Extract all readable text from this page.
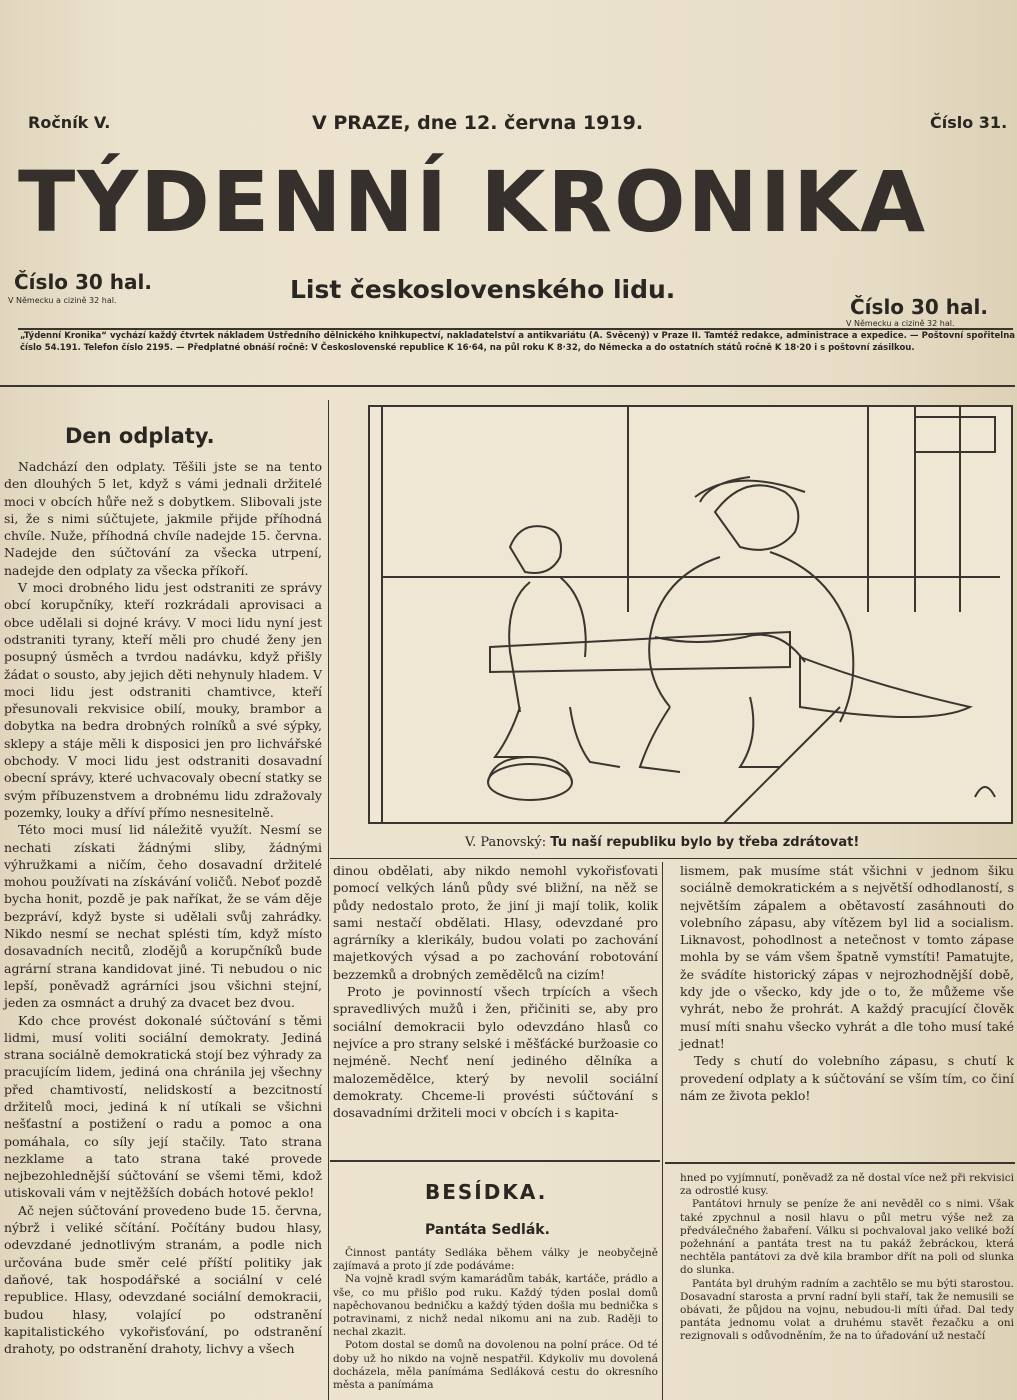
Ročník V.	V PRAZE, dne 12. června 1919.	Číslo 31.
TÝDENNÍ KRONIKA
Číslo 30 hal.
V Německu a cizině 32 hal.	List československého lidu.
Číslo 30 hal.
V Německu a cizině 32 hal.
„Týdenní Kronika“ vychází každý čtvrtek nákladem Ústředního dělnického knihkupectví, nakladatelství a antikvariátu (A. Svěcený) v Praze II. Tamtéž redakce, administrace a expedice. — Poštovní spořitelna číslo 54.191. Telefon číslo 2195. — Předplatné obnáší ročně: V Československé republice K 16·64, na půl roku K 8·32, do Německa a do ostatních států ročně K 18·20 i s poštovní zásilkou.
Den odplaty.

Nadchází den odplaty. Těšili jste se na tento den dlouhých 5 let, když s vámi jednali držitelé moci v obcích hůře než s dobytkem. Slibovali jste si, že s nimi súčtujete, jakmile přijde příhodná chvíle. Nuže, příhodná chvíle nadejde 15. června. Nadejde den súčtování za všecka utrpení, nadejde den odplaty za všecka příkoří.

V moci drobného lidu jest odstraniti ze správy obcí korupčníky, kteří rozkrádali aprovisaci a obce udělali si dojné krávy. V moci lidu nyní jest odstraniti tyrany, kteří měli pro chudé ženy jen posupný úsměch a tvrdou nadávku, když přišly žádat o sousto, aby jejich děti nehynuly hladem. V moci lidu jest odstraniti chamtivce, kteří přesunovali rekvisice obilí, mouky, brambor a dobytka na bedra drobných rolníků a své sýpky, sklepy a stáje měli k disposici jen pro lichvářské obchody. V moci lidu jest odstraniti dosavadní obecní správy, které uchvacovaly obecní statky se svým příbuzenstvem a drobnému lidu zdražovaly pozemky, louky a dříví přímo nesnesitelně.

Této moci musí lid náležitě využít. Nesmí se nechati získati žádnými sliby, žádnými výhružkami a ničím, čeho dosavadní držitelé mohou používati na získávání voličů. Neboť pozdě bycha honit, pozdě je pak naříkat, že se vám děje bezpráví, když byste si udělali svůj zahrádky. Nikdo nesmí se nechat splésti tím, když místo dosavadních necitů, zlodějů a korupčníků bude agrární strana kandidovat jiné. Ti nebudou o nic lepší, poněvadž agrárníci jsou všichni stejní, jeden za osmnáct a druhý za dvacet bez dvou.

Kdo chce provést dokonalé súčtování s těmi lidmi, musí voliti sociální demokraty. Jediná strana sociálně demokratická stojí bez výhrady za pracujícím lidem, jediná ona chránila jej všechny před chamtivostí, nelidskostí a bezcitností držitelů moci, jediná k ní utíkali se všichni nešťastní a postižení o radu a pomoc a ona pomáhala, co síly její stačily. Tato strana nezklame a tato strana také provede nejbezohlednější súčtování se všemi těmi, kdož utiskovali vám v nejtěžších dobách hotové peklo!

Ač nejen súčtování provedeno bude 15. června, nýbrž i veliké sčítání. Počítány budou hlasy, odevzdané jednotlivým stranám, a podle nich určována bude směr celé příští politiky jak daňové, tak hospodářské a sociální v celé republice. Hlasy, odevzdané sociální demokracii, budou hlasy, volající po odstranění kapitalistického vykořisťování, po odstranění drahoty, po odstranění drahoty, lichvy a všech

V. Panovský: Tu naší republiku bylo by třeba zdrátovat!

dinou obdělati, aby nikdo nemohl vykořisťovati pomocí velkých lánů půdy své bližní, na něž se půdy nedostalo proto, že jiní ji mají tolik, kolik sami nestačí obdělati. Hlasy, odevzdané pro agrárníky a klerikály, budou volati po zachování majetkových výsad a po zachování robotování bezzemků a drobných zemědělců na cizím!

Proto je povinností všech trpících a všech spravedlivých mužů i žen, přičiniti se, aby pro sociální demokracii bylo odevzdáno hlasů co nejvíce a pro strany selské i měšťácké buržoasie co nejméně. Nechť není jediného dělníka a malozemědělce, který by nevolil sociální demokraty. Chceme-li provésti súčtování s dosavadními držiteli moci v obcích i s kapita-

lismem, pak musíme stát všichni v jednom šiku sociálně demokratickém a s největší odhodlaností, s největším zápalem a obětavostí zasáhnouti do volebního zápasu, aby vítězem byl lid a socialism. Liknavost, pohodlnost a netečnost v tomto zápase mohla by se vám všem špatně vymstíti! Pamatujte, že svádíte historický zápas v nejrozhodnější době, kdy jde o všecko, kdy jde o to, že můžeme vše vyhrát, nebo že prohrát. A každý pracující člověk musí míti snahu všecko vyhrát a dle toho musí také jednat!

Tedy s chutí do volebního zápasu, s chutí k provedení odplaty a k súčtování se vším tím, co činí nám ze života peklo!

BESÍDKA.
Pantáta Sedlák.

Činnost pantáty Sedláka během války je neobyčejně zajímavá a proto jí zde podáváme:

Na vojně kradl svým kamarádům tabák, kartáče, prádlo a vše, co mu přišlo pod ruku. Každý týden poslal domů napěchovanou bedničku a každý týden došla mu bednička s potravinami, z nichž nedal nikomu ani na zub. Raději to nechal zkazit.

Potom dostal se domů na dovolenou na polní práce. Od té doby už ho nikdo na vojně nespatřil. Kdykoliv mu dovolená docházela, měla panímáma Sedláková cestu do okresního města a panímáma

hned po vyjímnutí, poněvadž za ně dostal více než při rekvisici za odrostlé kusy.

Pantátovi hrnuly se peníze že ani nevěděl co s nimi. Však také zpychnul a nosil hlavu o půl metru výše než za předválečného žabaření. Válku si pochvaloval jako veliké boží požehnání a pantáta trest na tu pakáž žebráckou, která nechtěla pantátovi za dvě kila brambor dřít na poli od slunka do slunka.

Pantáta byl druhým radním a zachtělo se mu býti starostou. Dosavadní starosta a první radní byli staří, tak že nemusili se obávati, že půjdou na vojnu, nebudou-li míti úřad. Dal tedy pantáta jednomu volat a druhému stavět řezačku a oni rezignovali s odůvodněním, že na to úřadování už nestačí
